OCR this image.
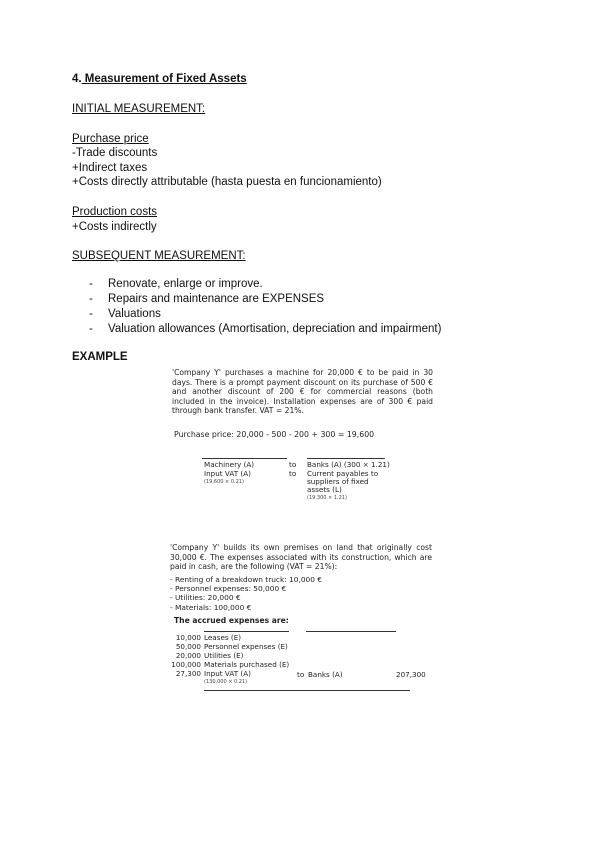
4. Measurement of Fixed Assets
INITIAL MEASUREMENT:
Purchase price
-Trade discounts
+Indirect taxes
+Costs directly attributable (hasta puesta en funcionamiento)
Production costs
+Costs indirectly
SUBSEQUENT MEASUREMENT:
- Renovate, enlarge or improve.
- Repairs and maintenance are EXPENSES
- Valuations
- Valuation allowances (Amortisation, depreciation and impairment)
EXAMPLE
'Company Y' purchases a machine for 20,000 € to be paid in 30 days. There is a prompt payment discount on its purchase of 500 € and another discount of 200 € for commercial reasons (both included in the invoice). Installation expenses are of 300 € paid through bank transfer. VAT = 21%.
Purchase price: 20,000 - 500 - 200 + 300 = 19,600
Machinery (A)
Input VAT (A)
(19,600 × 0.21)
to
to
Banks (A) (300 × 1.21)
Current payables to
suppliers of fixed
assets (L)
(19,300 × 1.21)
'Company Y' builds its own premises on land that originally cost 30,000 €. The expenses associated with its construction, which are paid in cash, are the following (VAT = 21%):
- Renting of a breakdown truck: 10,000 €
- Personnel expenses: 50,000 €
- Utilities: 20,000 €
- Materials: 100,000 €
The accrued expenses are:
10,000 Leases (E)
50,000 Personnel expenses (E)
20,000 Utilities (E)
100,000 Materials purchased (E)
27,300 Input VAT (A)
(130,000 × 0.21)
to Banks (A)	207,300
